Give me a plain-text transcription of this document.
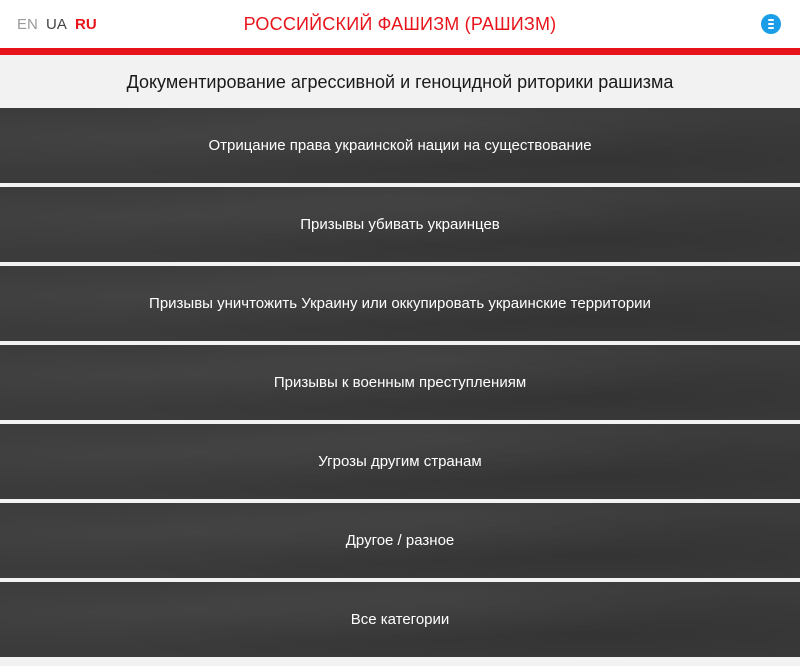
EN UA RU	РОССИЙСКИЙ ФАШИЗМ (РАШИЗМ)
Документирование агрессивной и геноцидной риторики рашизма
Отрицание права украинской нации на существование
Призывы убивать украинцев
Призывы уничтожить Украину или оккупировать украинские территории
Призывы к военным преступлениям
Угрозы другим странам
Другое / разное
Все категории
